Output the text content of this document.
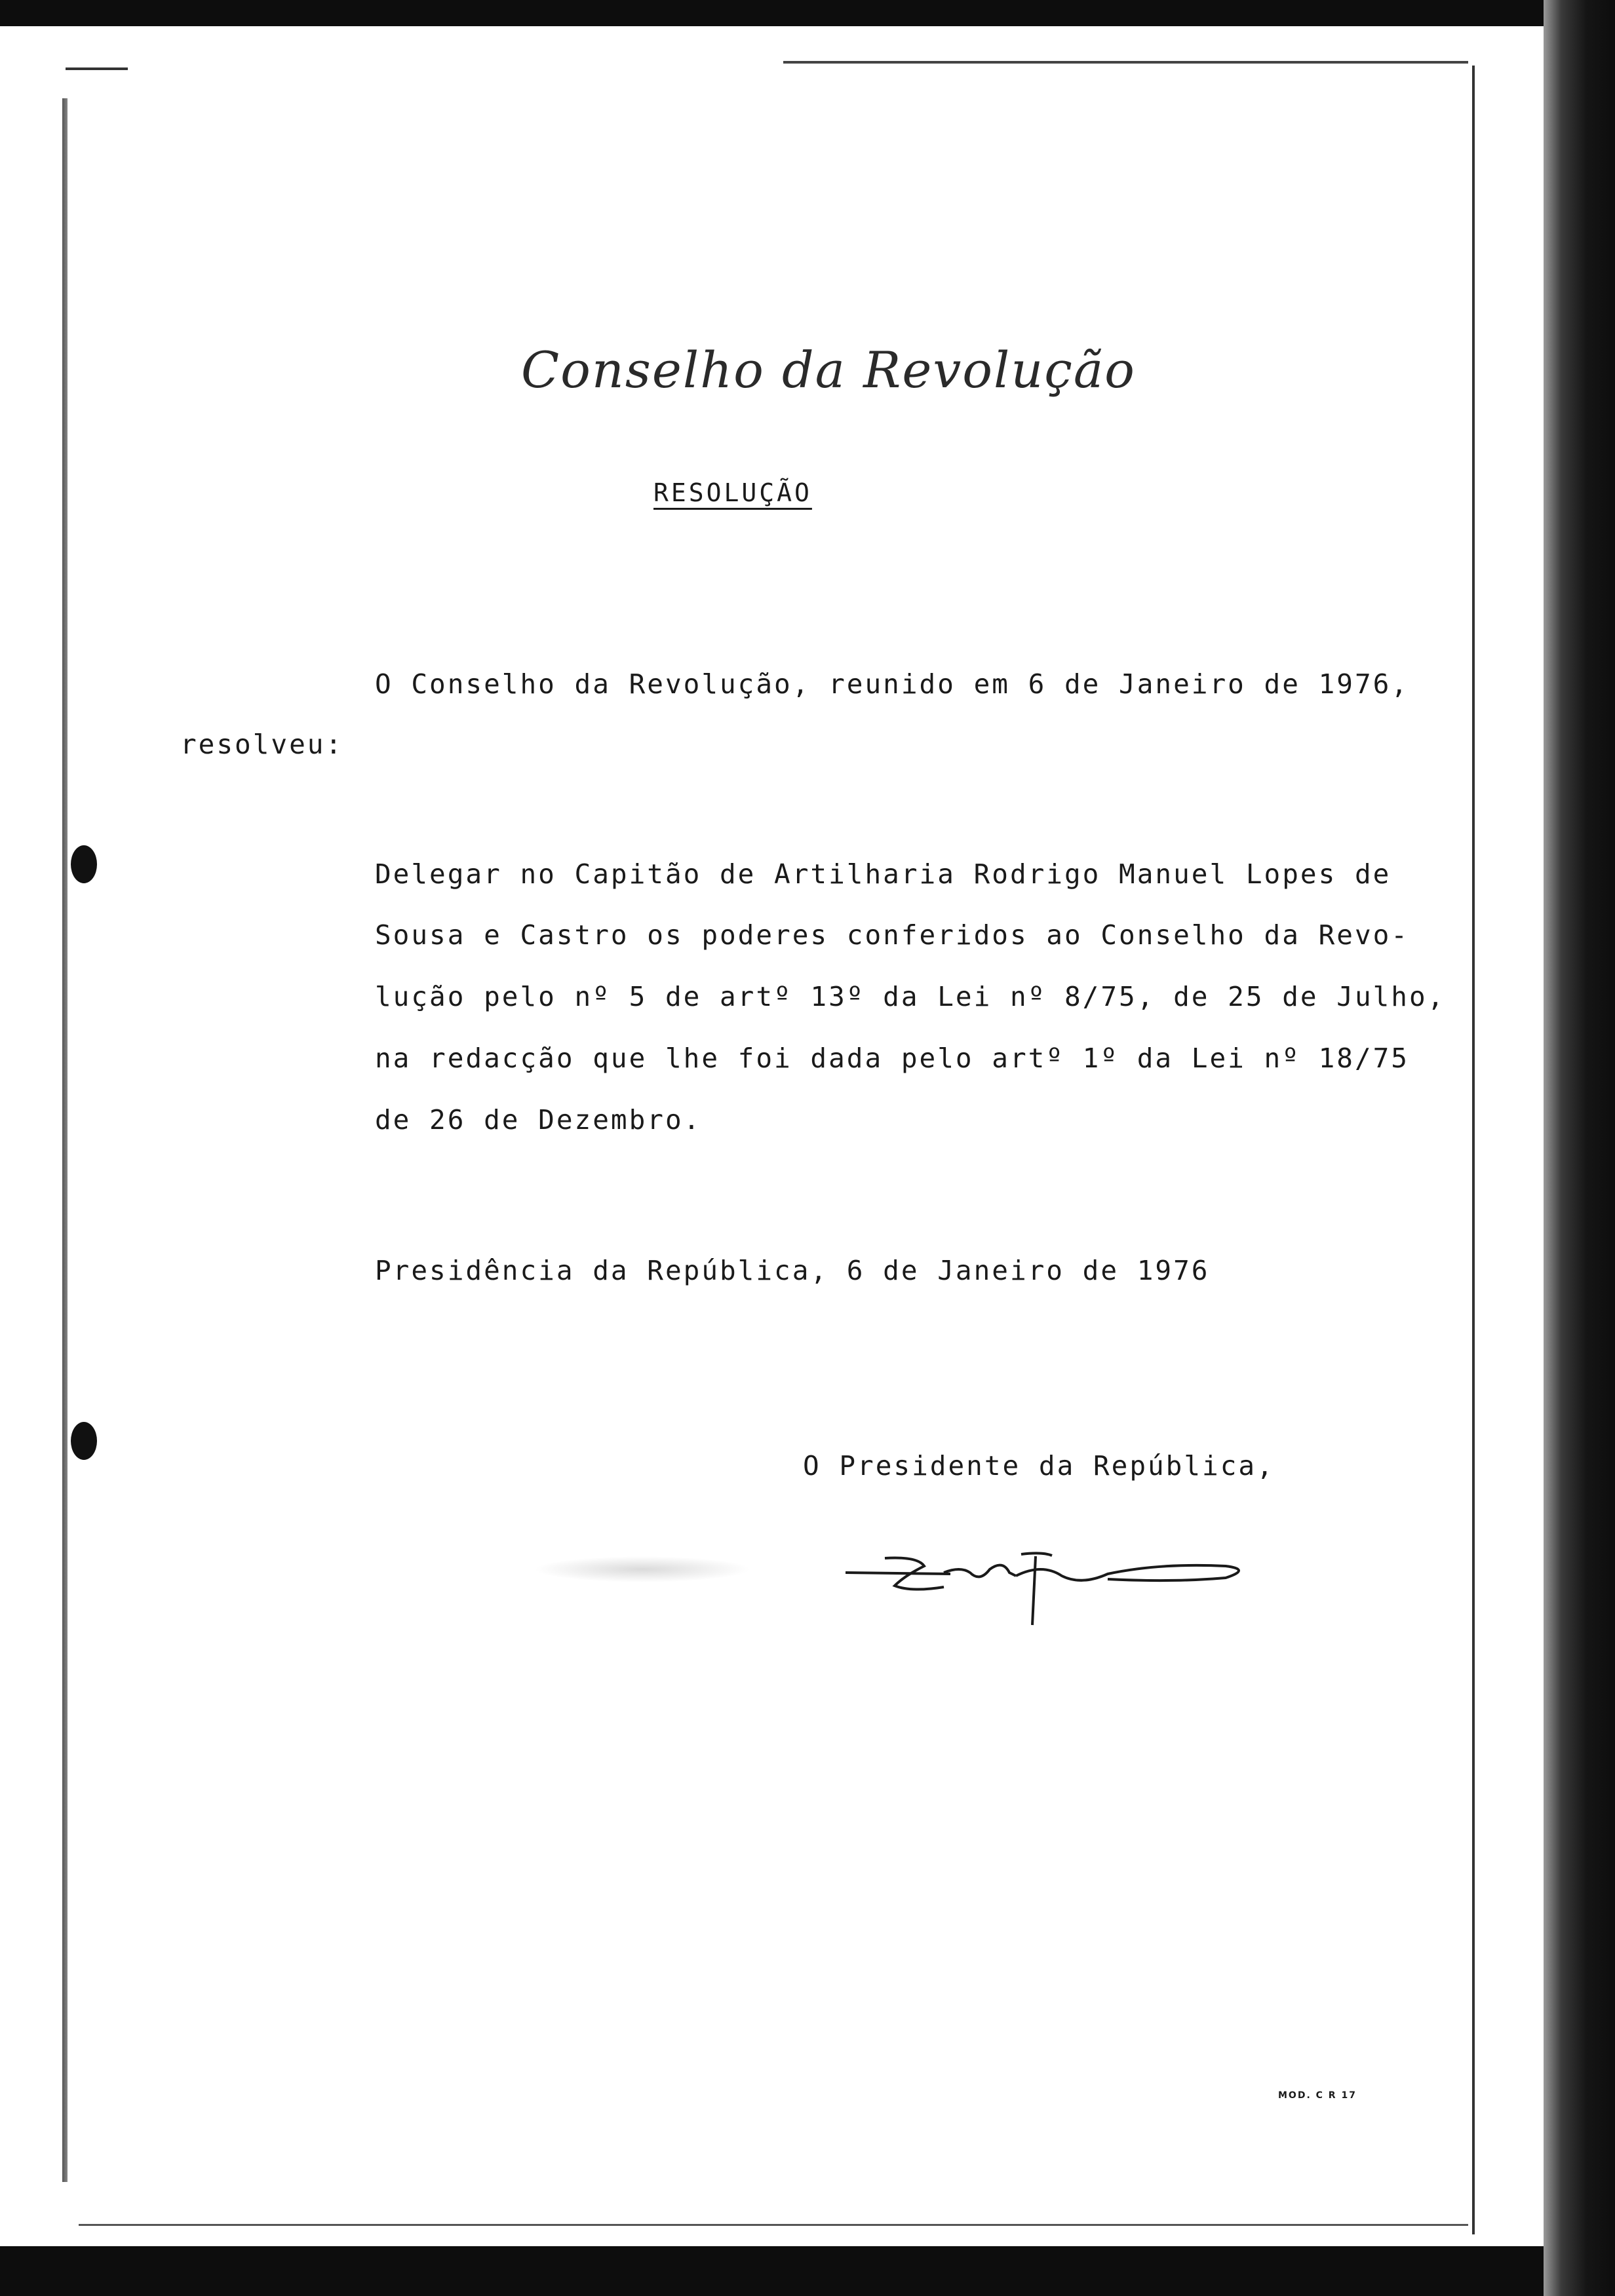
Conselho da Revolução
RESOLUÇÃO
O Conselho da Revolução, reunido em 6 de Janeiro de 1976,
resolveu:
Delegar no Capitão de Artilharia Rodrigo Manuel Lopes de
Sousa e Castro os poderes conferidos ao Conselho da Revo-
lução pelo nº 5 de artº 13º da Lei nº 8/75, de 25 de Julho,
na redacção que lhe foi dada pelo artº 1º da Lei nº 18/75
de 26 de Dezembro.
Presidência da República, 6 de Janeiro de 1976
O Presidente da República,
MOD. C R 17
